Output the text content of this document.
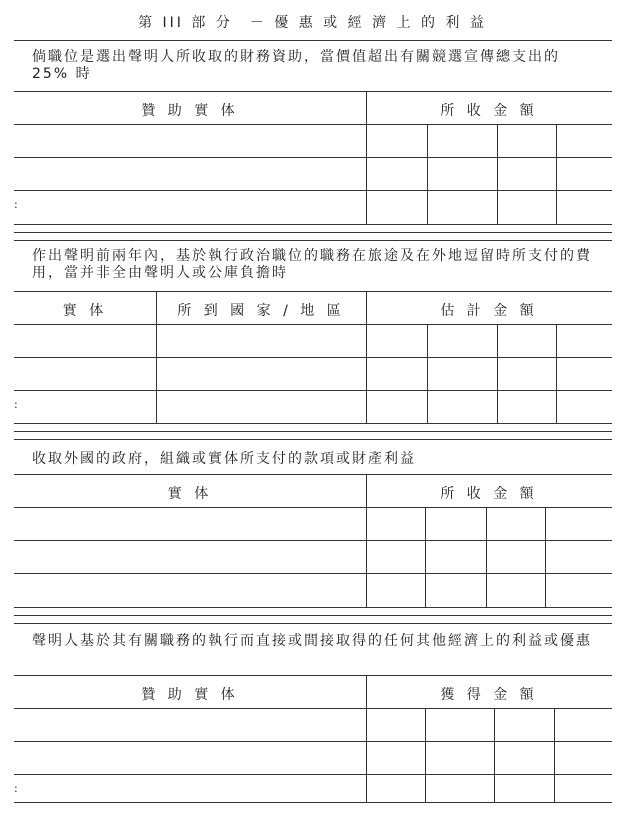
第 III 部 分　－ 優 惠 或 經 濟 上 的 利 益
倘職位是選出聲明人所收取的財務資助，當價值超出有關競選宣傳總支出的25% 時
贊 助 實 体	所 收 金 額
:
作出聲明前兩年內，基於執行政治職位的職務在旅途及在外地逗留時所支付的費用，當并非全由聲明人或公庫負擔時
實 体	所 到 國 家 / 地 區	估 計 金 額
:
收取外國的政府，組織或實体所支付的款項或財產利益
實 体	所 收 金 額
聲明人基於其有關職務的執行而直接或間接取得的任何其他經濟上的利益或優惠
贊 助 實 体	獲 得 金 額
:
